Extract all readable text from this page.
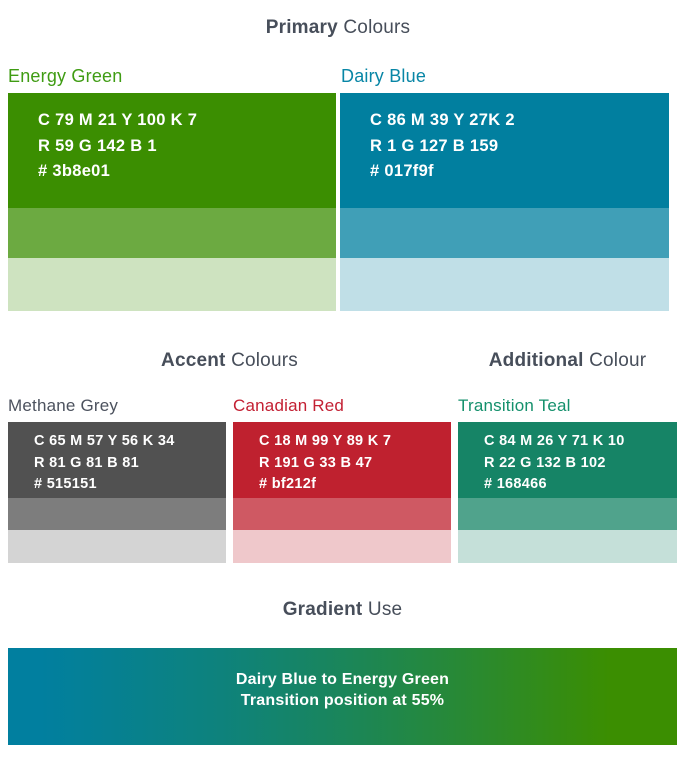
Primary Colours
Energy Green	Dairy Blue
C 79 M 21 Y 100 K 7
R 59 G 142 B 1
# 3b8e01
C 86 M 39 Y 27K 2
R 1 G 127 B 159
# 017f9f
Accent Colours	Additional Colour
Methane Grey	Canadian Red	Transition Teal
C 65 M 57 Y 56 K 34
R 81 G 81 B 81
# 515151
C 18 M 99 Y 89 K 7
R 191 G 33 B 47
# bf212f
C 84 M 26 Y 71 K 10
R 22 G 132 B 102
# 168466
Gradient Use
Dairy Blue to Energy Green
Transition position at 55%
